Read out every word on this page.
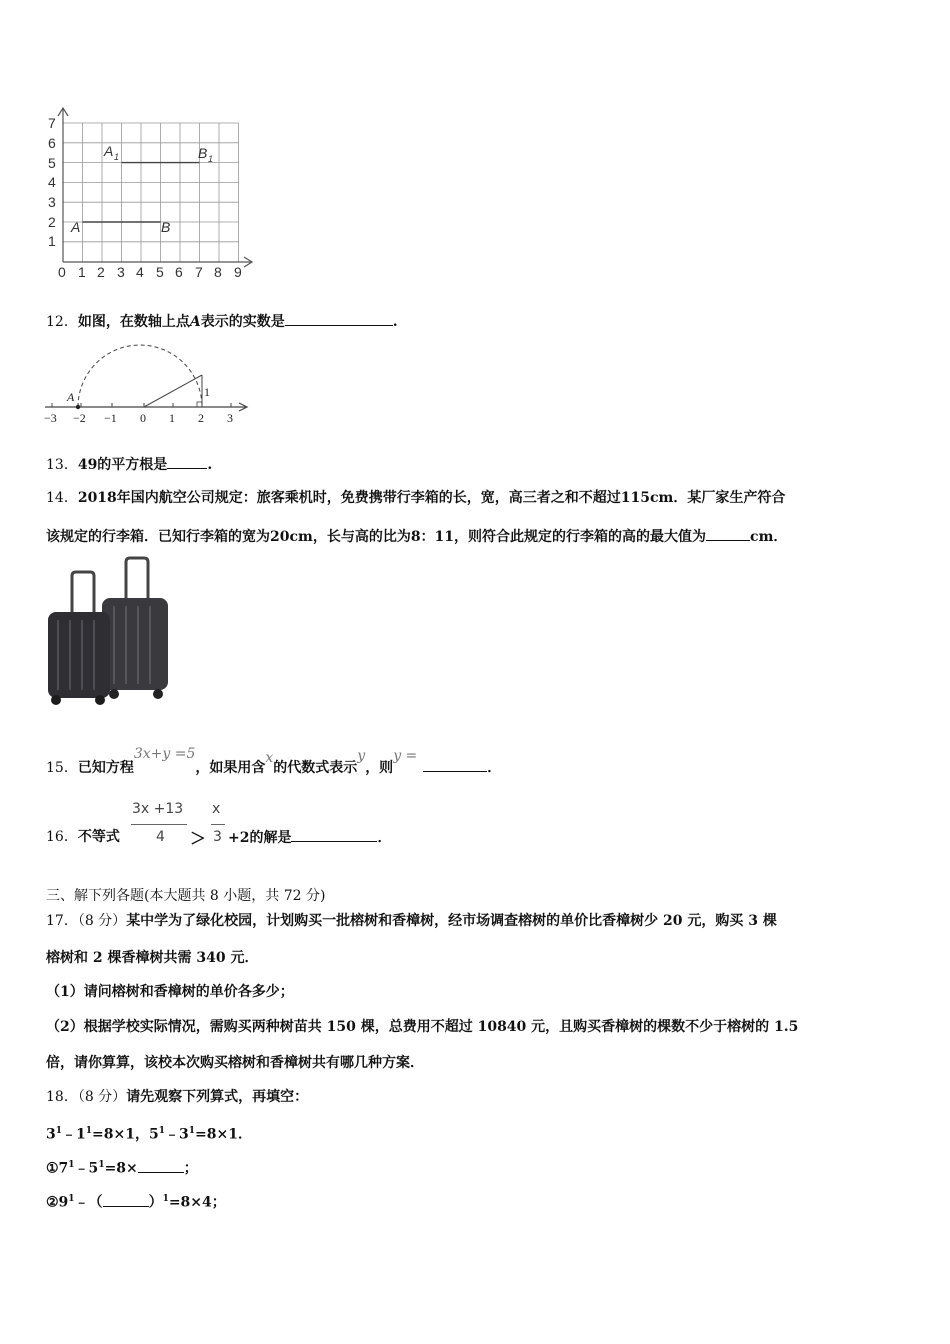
7
6
5
4
3
2
1
0 1 2 3 4 5 6 7 8 9
A	B
A 1	B 1
12．如图，在数轴上点A表示的实数是	.
−3 −2 −1 0 1 2 3
A	1
13．49的平方根是	.
14．2018年国内航空公司规定：旅客乘机时，免费携带行李箱的长，宽，高三者之和不超过115cm．某厂家生产符合
该规定的行李箱．已知行李箱的宽为20cm，长与高的比为8：11，则符合此规定的行李箱的高的最大值为	cm．
15．已知方程3x+y =5，如果用含x的代数式表示y，则y =．
16．不等式
3x +13
4 ＞
x
3 +2的解是	．
三、解下列各题(本大题共 8 小题，共 72 分)
17．（8 分）某中学为了绿化校园，计划购买一批榕树和香樟树，经市场调查榕树的单价比香樟树少 20 元，购买 3 棵
榕树和 2 棵香樟树共需 340 元．
（1）请问榕树和香樟树的单价各多少；
（2）根据学校实际情况，需购买两种树苗共 150 棵，总费用不超过 10840 元，且购买香樟树的棵数不少于榕树的 1.5
倍，请你算算，该校本次购买榕树和香樟树共有哪几种方案．
18．（8 分）请先观察下列算式，再填空：
$3^1﹣1^1=8\times 1$，$5^1﹣3^1=8\times 1$．
$①7^1﹣5^1=8\times$	；
$②9^1﹣$（	）$^1$=8×4；
